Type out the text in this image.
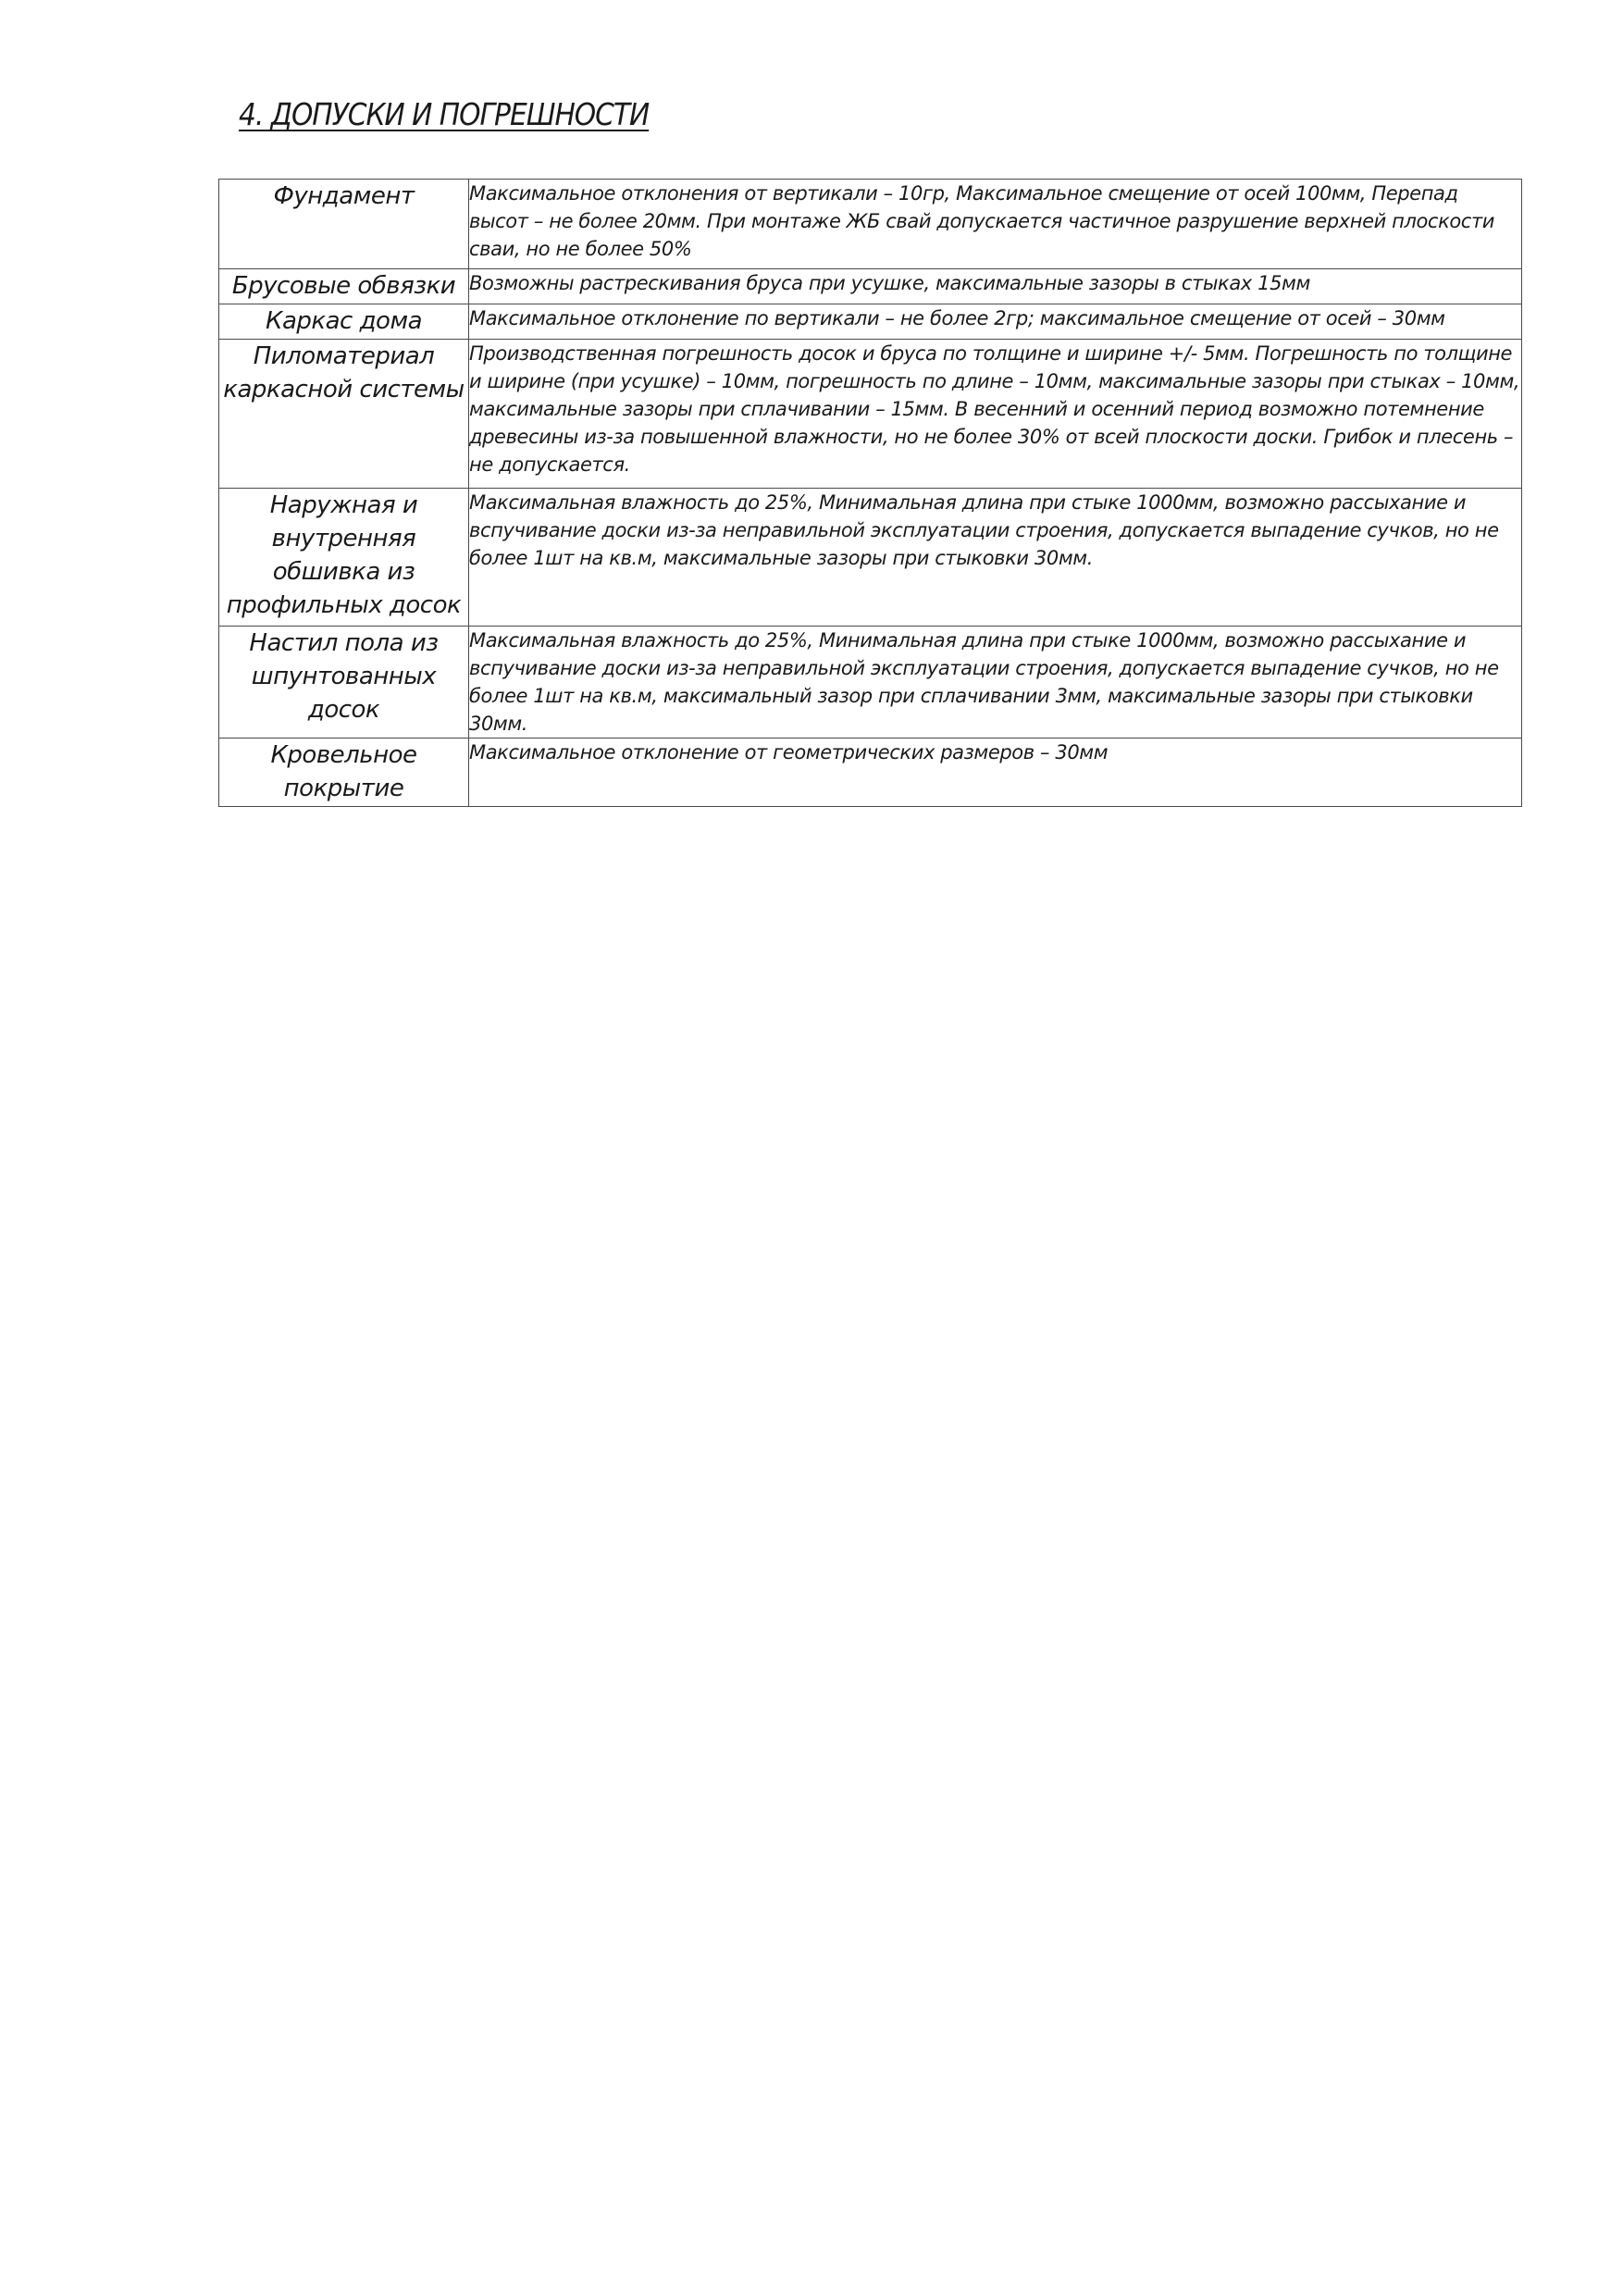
4. ДОПУСКИ И ПОГРЕШНОСТИ
Фундамент	Максимальное отклонения от вертикали – 10гр, Максимальное смещение от осей 100мм, Перепад высот – не более 20мм. При монтаже ЖБ свай допускается частичное разрушение верхней плоскости сваи, но не более 50%

Брусовые обвязки	Возможны растрескивания бруса при усушке, максимальные зазоры в стыках 15мм

Каркас дома	Максимальное отклонение по вертикали – не более 2гр; максимальное смещение от осей – 30мм

Пиломатериал каркасной системы	Производственная погрешность досок и бруса по толщине и ширине +/- 5мм. Погрешность по толщине и ширине (при усушке) – 10мм, погрешность по длине – 10мм, максимальные зазоры при стыках – 10мм, максимальные зазоры при сплачивании – 15мм. В весенний и осенний период возможно потемнение древесины из-за повышенной влажности, но не более 30% от всей плоскости доски. Грибок и плесень – не допускается.

Наружная и внутренняя обшивка из профильных досок	Максимальная влажность до 25%, Минимальная длина при стыке 1000мм, возможно рассыхание и вспучивание доски из-за неправильной эксплуатации строения, допускается выпадение сучков, но не более 1шт на кв.м, максимальные зазоры при стыковки 30мм.

Настил пола из шпунтованных досок	Максимальная влажность до 25%, Минимальная длина при стыке 1000мм, возможно рассыхание и вспучивание доски из-за неправильной эксплуатации строения, допускается выпадение сучков, но не более 1шт на кв.м, максимальный зазор при сплачивании 3мм, максимальные зазоры при стыковки 30мм.

Кровельное покрытие	Максимальное отклонение от геометрических размеров – 30мм
